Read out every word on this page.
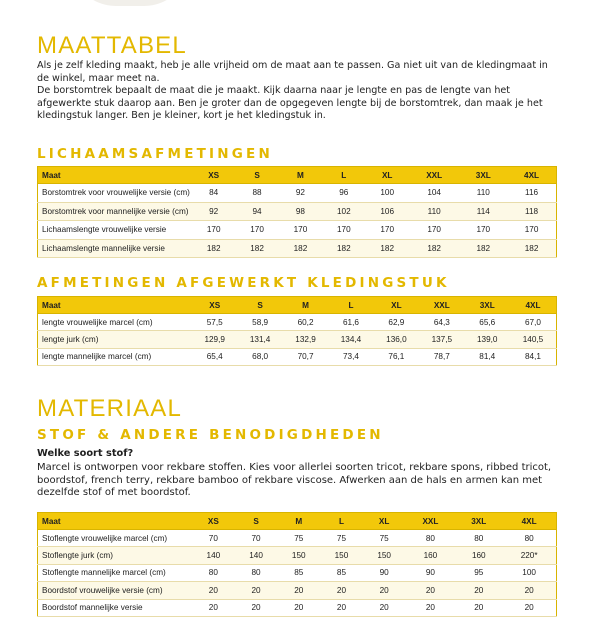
MAATTABEL

Als je zelf kleding maakt, heb je alle vrijheid om de maat aan te passen. Ga niet uit van de kledingmaat in de winkel, maar meet na.
De borstomtrek bepaalt de maat die je maakt. Kijk daarna naar je lengte en pas de lengte van het afgewerkte stuk daarop aan. Ben je groter dan de opgegeven lengte bij de borstomtrek, dan maak je het kledingstuk langer. Ben je kleiner, kort je het kledingstuk in.

LICHAAMSAFMETINGEN
Maat	XS	S	M	L	XL	XXL	3XL	4XL
Borstomtrek voor vrouwelijke versie (cm)	84	88	92	96	100	104	110	116
Borstomtrek voor mannelijke versie (cm)	92	94	98	102	106	110	114	118
Lichaamslengte vrouwelijke versie	170	170	170	170	170	170	170	170
Lichaamslengte mannelijke versie	182	182	182	182	182	182	182	182
AFMETINGEN AFGEWERKT KLEDINGSTUK
Maat	XS	S	M	L	XL	XXL	3XL	4XL
lengte vrouwelijke marcel (cm)	57,5	58,9	60,2	61,6	62,9	64,3	65,6	67,0
lengte jurk (cm)	129,9	131,4	132,9	134,4	136,0	137,5	139,0	140,5
lengte mannelijke marcel (cm)	65,4	68,0	70,7	73,4	76,1	78,7	81,4	84,1
MATERIAAL
STOF & ANDERE BENODIGDHEDEN

Welke soort stof?

Marcel is ontworpen voor rekbare stoffen. Kies voor allerlei soorten tricot, rekbare spons, ribbed tricot, boordstof, french terry, rekbare bamboo of rekbare viscose. Afwerken aan de hals en armen kan met dezelfde stof of met boordstof.

Maat	XS	S	M	L	XL	XXL	3XL	4XL
Stoflengte vrouwelijke marcel (cm)	70	70	75	75	75	80	80	80
Stoflengte jurk (cm)	140	140	150	150	150	160	160	220*
Stoflengte mannelijke marcel (cm)	80	80	85	85	90	90	95	100
Boordstof vrouwelijke versie (cm)	20	20	20	20	20	20	20	20
Boordstof mannelijke versie	20	20	20	20	20	20	20	20
